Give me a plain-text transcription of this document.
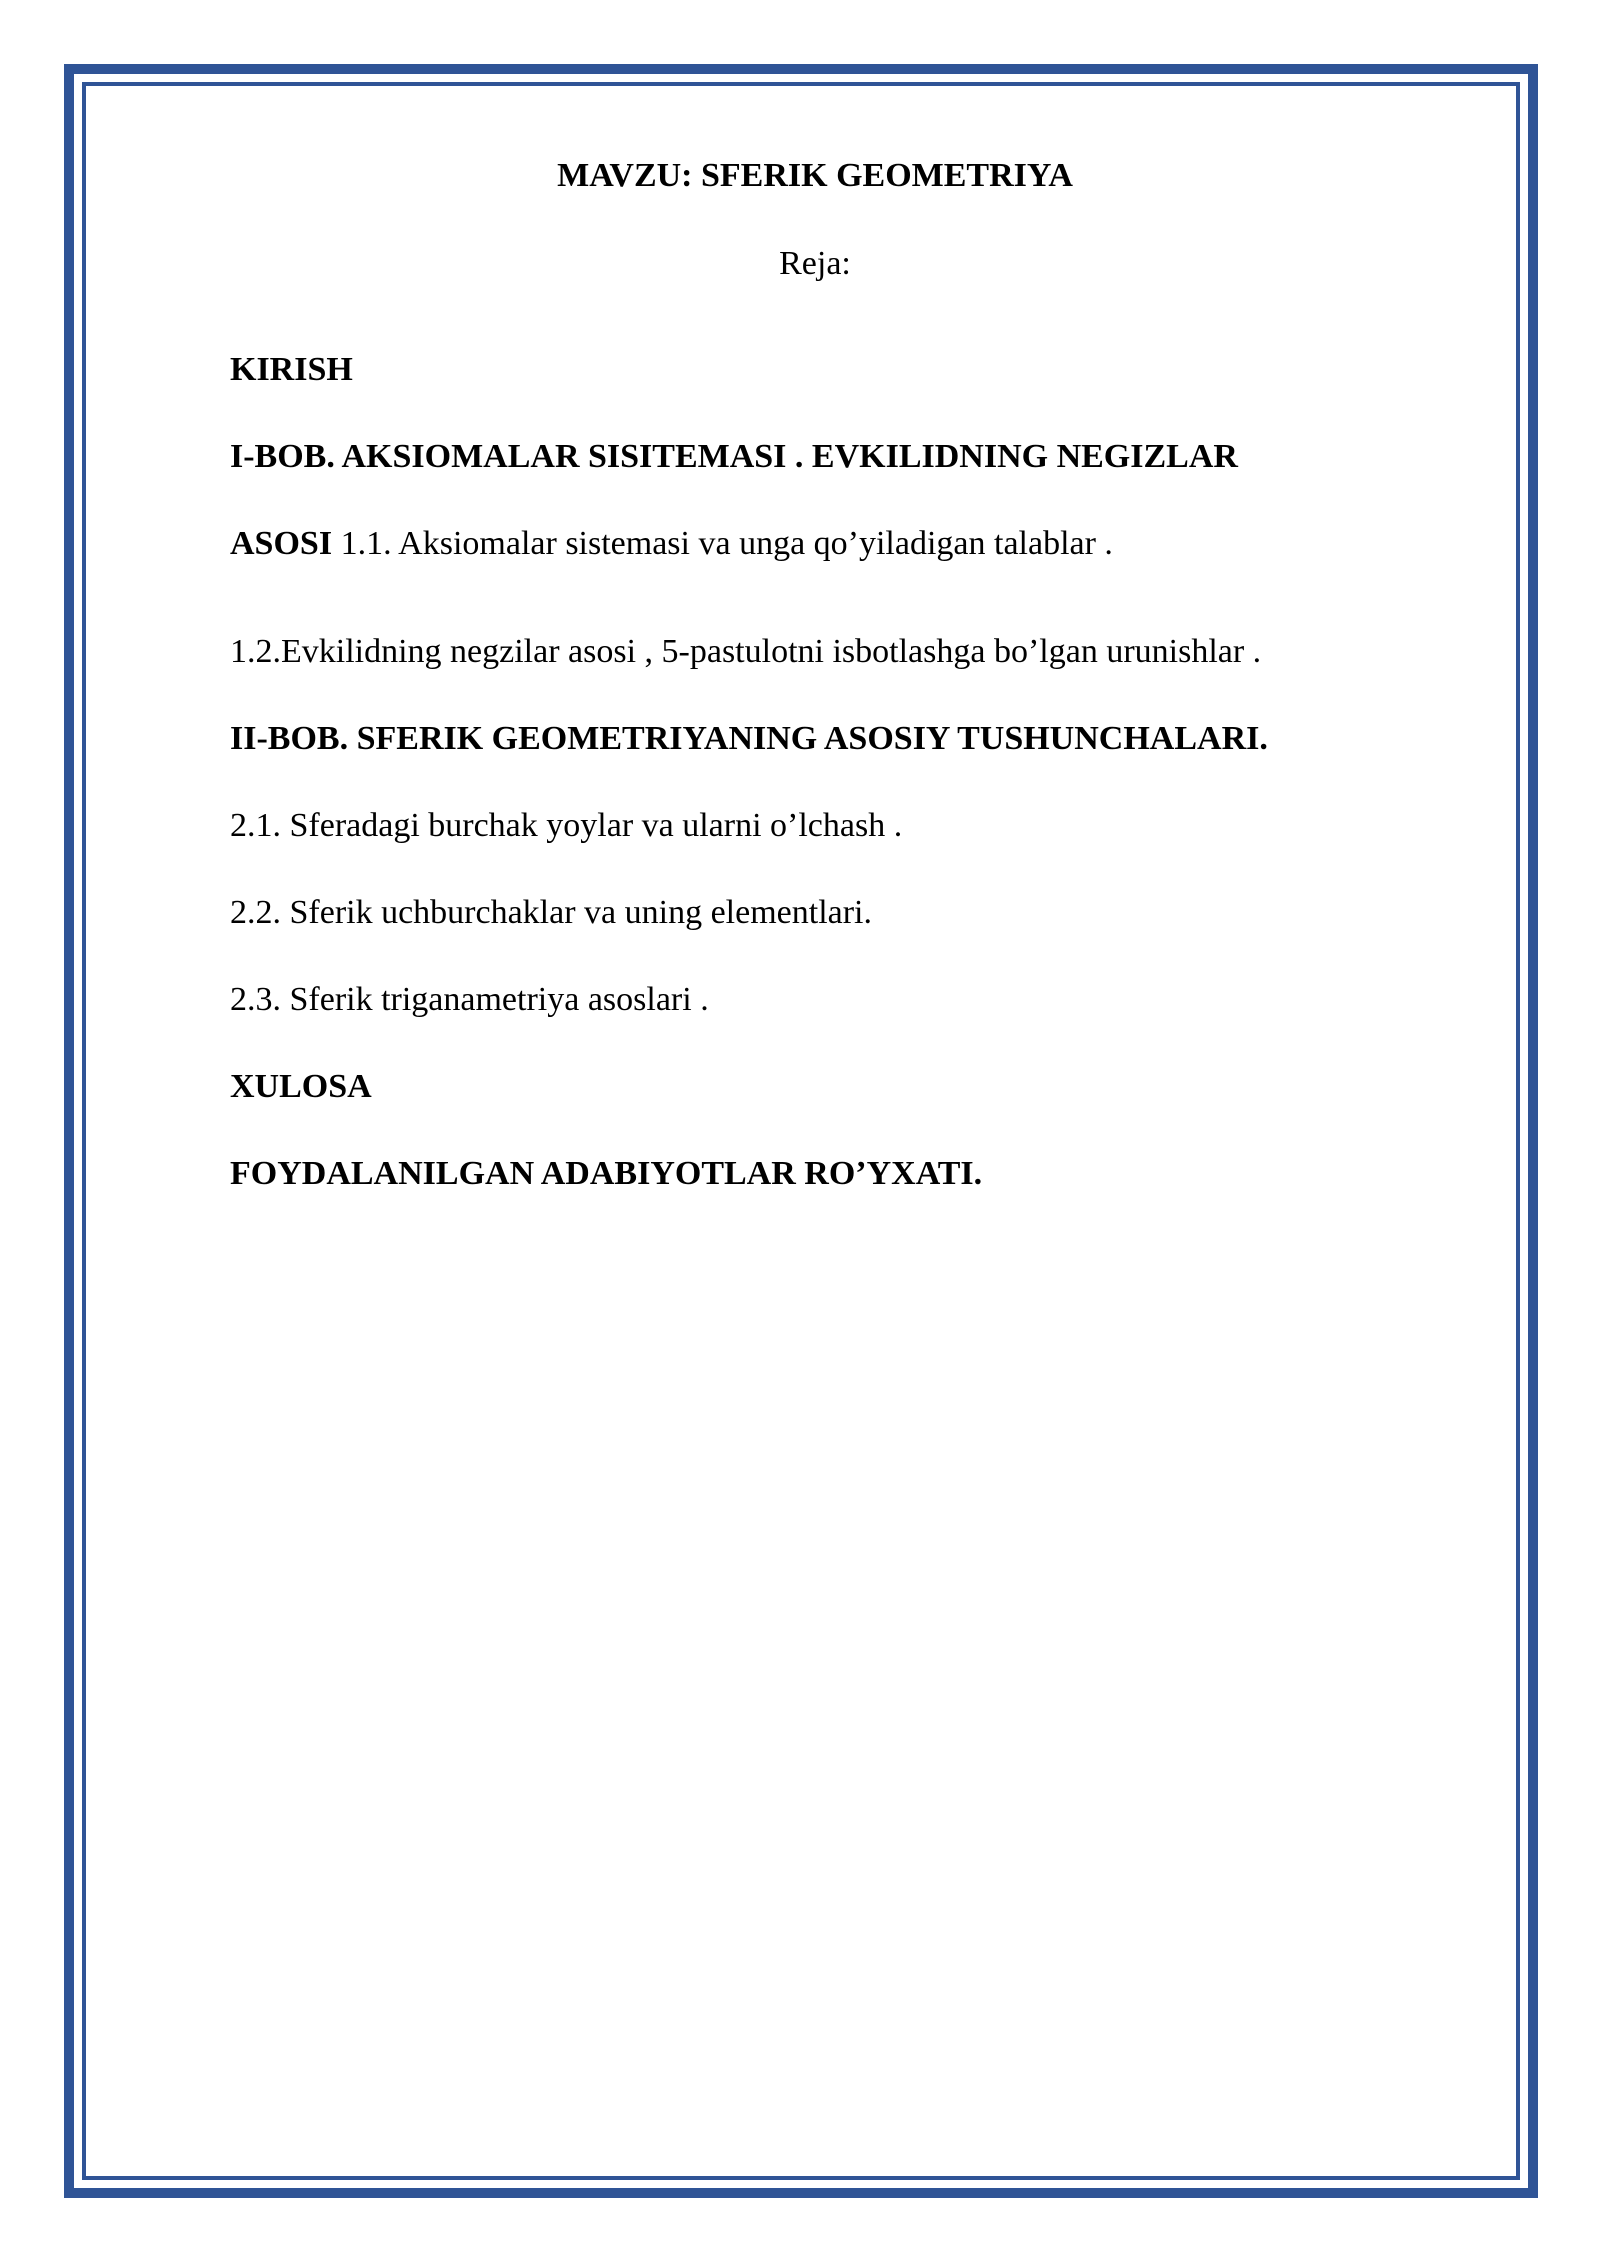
MAVZU: SFERIK GEOMETRIYA
Reja:
KIRISH
I-BOB. AKSIOMALAR SISITEMASI . EVKILIDNING NEGIZLAR
ASOSI 1.1. Aksiomalar sistemasi va unga qo’yiladigan talablar .
1.2.Evkilidning negzilar asosi , 5-pastulotni isbotlashga bo’lgan urunishlar .
II-BOB. SFERIK GEOMETRIYANING ASOSIY TUSHUNCHALARI.
2.1. Sferadagi burchak yoylar va ularni o’lchash .
2.2. Sferik uchburchaklar va uning elementlari.
2.3. Sferik triganametriya asoslari .
XULOSA
FOYDALANILGAN ADABIYOTLAR RO’YXATI.
